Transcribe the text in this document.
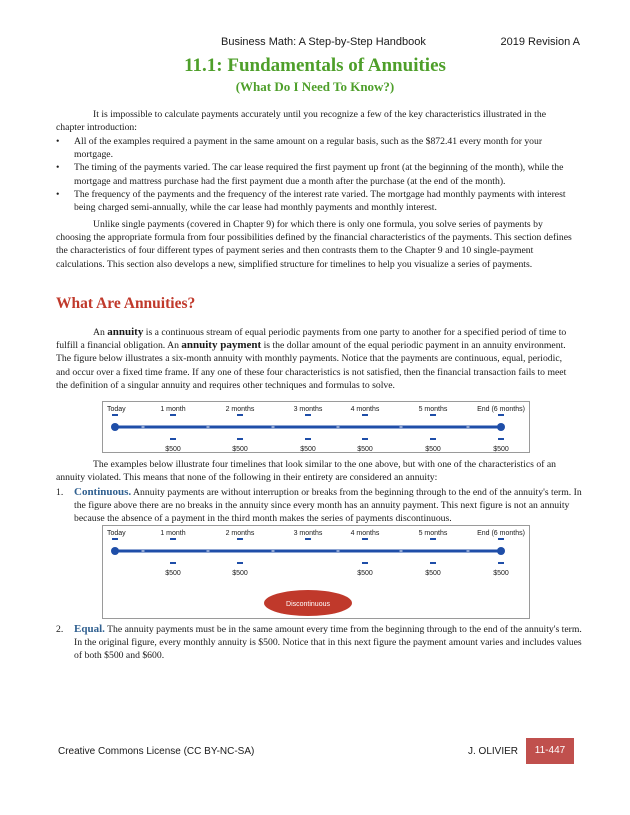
Business Math: A Step-by-Step Handbook	2019 Revision A
11.1: Fundamentals of Annuities
(What Do I Need To Know?)

It is impossible to calculate payments accurately until you recognize a few of the key characteristics illustrated in the chapter introduction:

• All of the examples required a payment in the same amount on a regular basis, such as the $872.41 every month for your mortgage.
• The timing of the payments varied. The car lease required the first payment up front (at the beginning of the month), while the mortgage and mattress purchase had the first payment due a month after the purchase (at the end of the month).
• The frequency of the payments and the frequency of the interest rate varied. The mortgage had monthly payments with interest being charged semi-annually, while the car lease had monthly payments and monthly interest.

Unlike single payments (covered in Chapter 9) for which there is only one formula, you solve series of payments by choosing the appropriate formula from four possibilities defined by the financial characteristics of the payments. This section defines the characteristics of four different types of payment series and then contrasts them to the Chapter 9 and 10 single-payment calculations. This section also develops a new, simplified structure for timelines to help you visualize a series of payments.

What Are Annuities?

An annuity is a continuous stream of equal periodic payments from one party to another for a specified period of time to fulfill a financial obligation. An annuity payment is the dollar amount of the equal periodic payment in an annuity environment. The figure below illustrates a six-month annuity with monthly payments. Notice that the payments are continuous, equal, periodic, and occur over a fixed time frame. If any one of these four characteristics is not satisfied, then the financial transaction fails to meet the definition of a singular annuity and requires other techniques and formulas to solve.

Today	1 month	2 months	3 months	4 months	5 months	End (6 months)
$500	$500	$500	$500	$500	$500

The examples below illustrate four timelines that look similar to the one above, but with one of the characteristics of an annuity violated. This means that none of the following in their entirety are considered an annuity:

1. Continuous. Annuity payments are without interruption or breaks from the beginning through to the end of the annuity's term. In the figure above there are no breaks in the annuity since every month has an annuity payment. This next figure is not an annuity because the absence of a payment in the third month makes the series of payments discontinuous.

Today	1 month	2 months	3 months	4 months	5 months	End (6 months)
$500	$500	$500	$500	$500
Discontinuous

2. Equal. The annuity payments must be in the same amount every time from the beginning through to the end of the annuity's term. In the original figure, every monthly annuity is $500. Notice that in this next figure the payment amount varies and includes values of both $500 and $600.

Creative Commons License (CC BY-NC-SA)	J. OLIVIER	11-447
